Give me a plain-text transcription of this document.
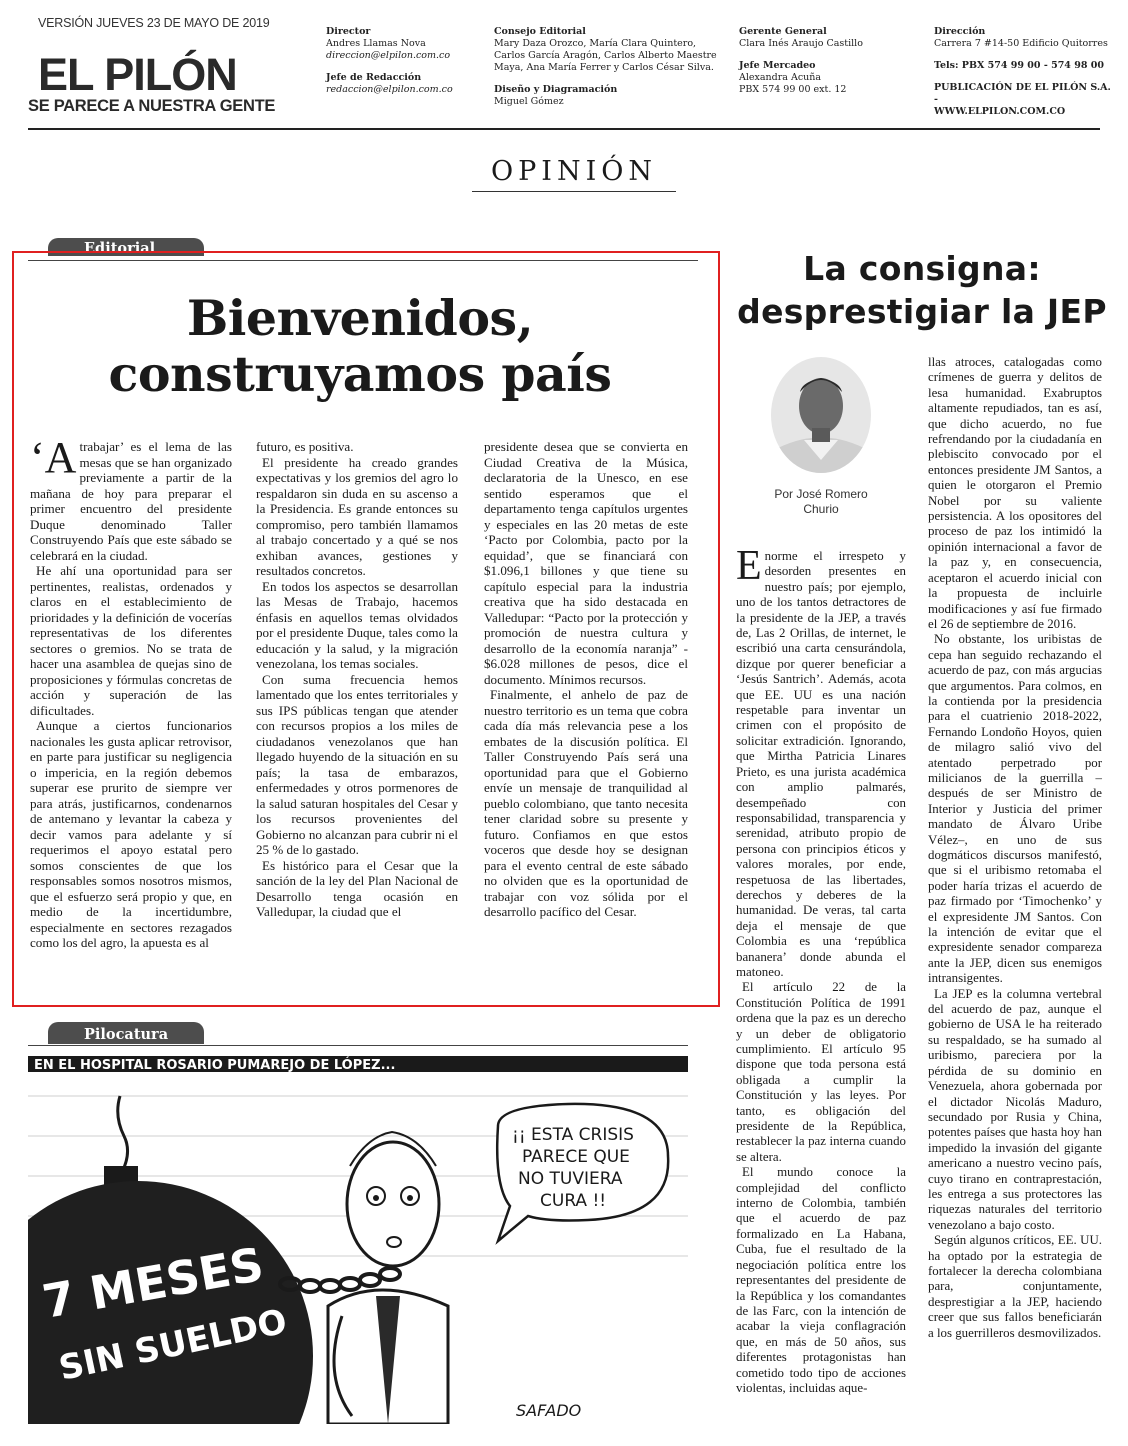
VERSIÓN JUEVES 23 DE MAYO DE 2019
EL PILÓN
SE PARECE A NUESTRA GENTE
Director
Andres Llamas Nova
direccion@elpilon.com.co
Jefe de Redacción
redaccion@elpilon.com.co
Consejo Editorial
Mary Daza Orozco, María Clara Quintero,
Carlos García Aragón, Carlos Alberto Maestre
Maya, Ana María Ferrer y Carlos César Silva.
Diseño y Diagramación
Miguel Gómez
Gerente General
Clara Inés Araujo Castillo
Jefe Mercadeo
Alexandra Acuña
PBX 574 99 00 ext. 12
Dirección
Carrera 7 #14-50 Edificio Quitorres
Tels: PBX 574 99 00 - 574 98 00
PUBLICACIÓN DE EL PILÓN S.A. -
WWW.ELPILON.COM.CO
OPINIÓN
Editorial
Bienvenidos,
construyamos país

‘Atrabajar’ es el lema de las mesas que se han organizado previamente a partir de la mañana de hoy para preparar el primer encuentro del presidente Duque denominado Taller Construyendo País que este sábado se celebrará en la ciudad.

He ahí una oportunidad para ser pertinentes, realistas, ordenados y claros en el establecimiento de prioridades y la definición de vocerías representativas de los diferentes sectores o gremios. No se trata de hacer una asamblea de quejas sino de proposiciones y fórmulas concretas de acción y superación de las dificultades.

Aunque a ciertos funcionarios nacionales les gusta aplicar retrovisor, en parte para justificar su negligencia o impericia, en la región debemos superar ese prurito de siempre ver para atrás, justificarnos, condenarnos de antemano y levantar la cabeza y decir vamos para adelante y sí requerimos el apoyo estatal pero somos conscientes de que los responsables somos nosotros mismos, que el esfuerzo será propio y que, en medio de la incertidumbre, especialmente en sectores rezagados como los del agro, la apuesta es al

futuro, es positiva.

El presidente ha creado grandes expectativas y los gremios del agro lo respaldaron sin duda en su ascenso a la Presidencia. Es grande entonces su compromiso, pero también llamamos al trabajo concertado y a qué se nos exhiban avances, gestiones y resultados concretos.

En todos los aspectos se desarrollan las Mesas de Trabajo, hacemos énfasis en aquellos temas olvidados por el presidente Duque, tales como la educación y la salud, y la migración venezolana, los temas sociales.

Con suma frecuencia hemos lamentado que los entes territoriales y sus IPS públicas tengan que atender con recursos propios a los miles de ciudadanos venezolanos que han llegado huyendo de la situación en su país; la tasa de embarazos, enfermedades y otros pormenores de la salud saturan hospitales del Cesar y los recursos provenientes del Gobierno no alcanzan para cubrir ni el 25 % de lo gastado.

Es histórico para el Cesar que la sanción de la ley del Plan Nacional de Desarrollo tenga ocasión en Valledupar, la ciudad que el

presidente desea que se convierta en Ciudad Creativa de la Música, declaratoria de la Unesco, en ese sentido esperamos que el departamento tenga capítulos urgentes y especiales en las 20 metas de este ‘Pacto por Colombia, pacto por la equidad’, que se financiará con $1.096,1 billones y que tiene su capítulo especial para la industria creativa que ha sido destacada en Valledupar: “Pacto por la protección y promoción de nuestra cultura y desarrollo de la economía naranja” - $6.028 millones de pesos, dice el documento. Mínimos recursos.

Finalmente, el anhelo de paz de nuestro territorio es un tema que cobra cada día más relevancia pese a los embates de la discusión política. El Taller Construyendo País será una oportunidad para que el Gobierno envíe un mensaje de tranquilidad al pueblo colombiano, que tanto necesita tener claridad sobre su presente y futuro. Confiamos en que estos voceros que desde hoy se designan para el evento central de este sábado no olviden que es la oportunidad de trabajar con voz sólida por el desarrollo pacífico del Cesar.

Pilocatura
EN EL HOSPITAL ROSARIO PUMAREJO DE LÓPEZ...
7 MESES
SIN SUELDO
¡¡ ESTA CRISIS
PARECE QUE
NO TUVIERA
CURA !!
SAFADO
La consigna:
desprestigiar la JEP
Por José Romero
Churio

Enorme el irrespeto y desorden presentes en nuestro país; por ejemplo, uno de los tantos detractores de la presidente de la JEP, a través de, Las 2 Orillas, de internet, le escribió una carta censurándola, dizque por querer beneficiar a ‘Jesús Santrich’. Además, acota que EE. UU es una nación respetable para inventar un crimen con el propósito de solicitar extradición. Ignorando, que Mirtha Patricia Linares Prieto, es una jurista académica con amplio palmarés, desempeñado con responsabilidad, transparencia y serenidad, atributo propio de persona con principios éticos y valores morales, por ende, respetuosa de las libertades, derechos y deberes de la humanidad. De veras, tal carta deja el mensaje de que Colombia es una ‘república bananera’ donde abunda el matoneo.

El artículo 22 de la Constitución Política de 1991 ordena que la paz es un derecho y un deber de obligatorio cumplimiento. El artículo 95 dispone que toda persona está obligada a cumplir la Constitución y las leyes. Por tanto, es obligación del presidente de la República, restablecer la paz interna cuando se altera.

El mundo conoce la complejidad del conflicto interno de Colombia, también que el acuerdo de paz formalizado en La Habana, Cuba, fue el resultado de la negociación política entre los representantes del presidente de la República y los comandantes de las Farc, con la intención de acabar la vieja conflagración que, en más de 50 años, sus diferentes protagonistas han cometido todo tipo de acciones violentas, incluidas aque-

llas atroces, catalogadas como crímenes de guerra y delitos de lesa humanidad. Exabruptos altamente repudiados, tan es así, que dicho acuerdo, no fue refrendando por la ciudadanía en plebiscito convocado por el entonces presidente JM Santos, a quien le otorgaron el Premio Nobel por su valiente persistencia. A los opositores del proceso de paz los intimidó la opinión internacional a favor de la paz y, en consecuencia, aceptaron el acuerdo inicial con la propuesta de incluirle modificaciones y así fue firmado el 26 de septiembre de 2016.

No obstante, los uribistas de cepa han seguido rechazando el acuerdo de paz, con más argucias que argumentos. Para colmos, en la contienda por la presidencia para el cuatrienio 2018-2022, Fernando Londoño Hoyos, quien de milagro salió vivo del atentado perpetrado por milicianos de la guerrilla –después de ser Ministro de Interior y Justicia del primer mandato de Álvaro Uribe Vélez–, en uno de sus dogmáticos discursos manifestó, que si el uribismo retomaba el poder haría trizas el acuerdo de paz firmado por ‘Timochenko’ y el expresidente JM Santos. Con la intención de evitar que el expresidente senador compareza ante la JEP, dicen sus enemigos intransigentes.

La JEP es la columna vertebral del acuerdo de paz, aunque el gobierno de USA le ha reiterado su respaldado, se ha sumado al uribismo, pareciera por la pérdida de su dominio en Venezuela, ahora gobernada por el dictador Nicolás Maduro, secundado por Rusia y China, potentes países que hasta hoy han impedido la invasión del gigante americano a nuestro vecino país, cuyo tirano en contraprestación, les entrega a sus protectores las riquezas naturales del territorio venezolano a bajo costo.

Según algunos críticos, EE. UU. ha optado por la estrategia de fortalecer la derecha colombiana para, conjuntamente, desprestigiar a la JEP, haciendo creer que sus fallos beneficiarán a los guerrilleros desmovilizados.
